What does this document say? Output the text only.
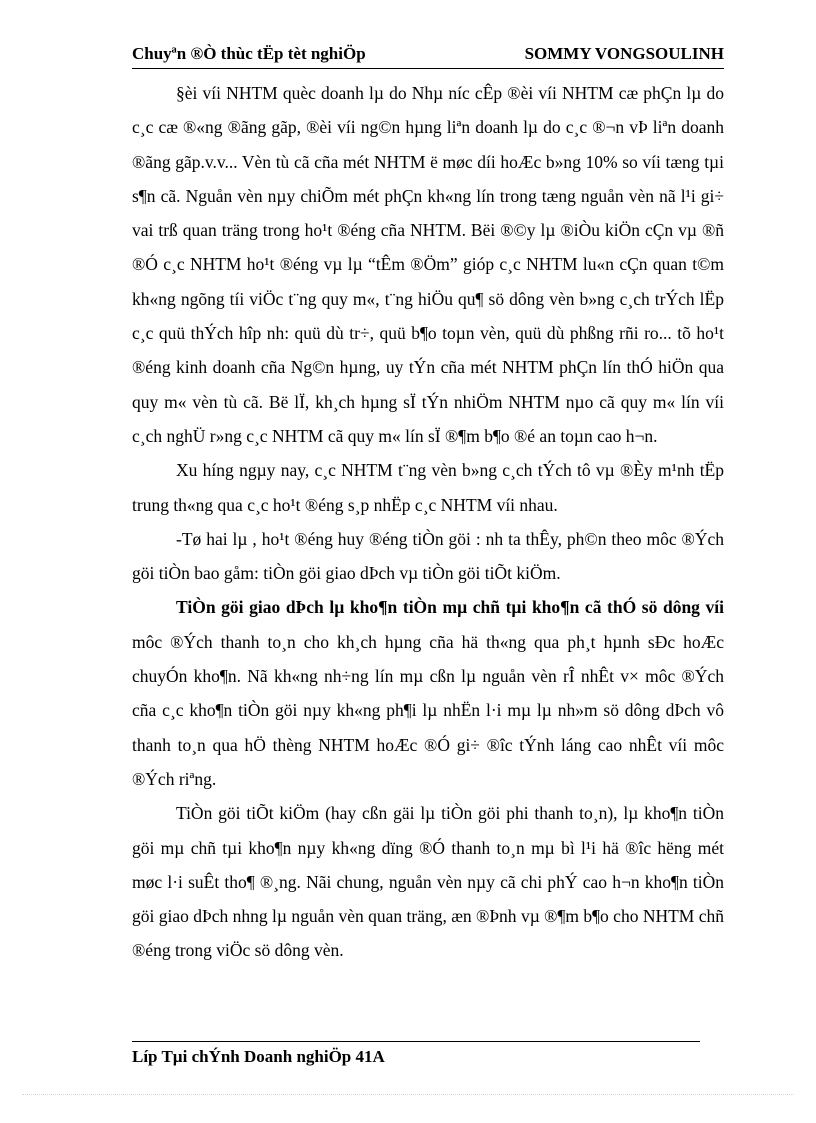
Chuyªn ®Ò thùc tËp tèt nghiÖp	SOMMY VONGSOULINH

§èi víi NHTM quèc doanh lµ do Nhµ níc cÊp ®èi víi NHTM cæ phÇn lµ do c¸c cæ ®«ng ®ãng gãp, ®èi víi ng©n hµng liªn doanh lµ do c¸c ®¬n vÞ liªn doanh ®ãng gãp.v.v... Vèn tù cã cña mét NHTM ë møc díi hoÆc b»ng 10% so víi tæng tµi s¶n cã. Nguån vèn nµy chiÕm mét phÇn kh«ng lín trong tæng nguån vèn nã l¹i gi÷ vai trß quan träng trong ho¹t ®éng cña NHTM. Bëi ®©y lµ ®iÒu kiÖn cÇn vµ ®ñ ®Ó c¸c NHTM ho¹t ®éng vµ lµ “tÊm ®Öm” gióp c¸c NHTM lu«n cÇn quan t©m kh«ng ngõng tíi viÖc t¨ng quy m«, t¨ng hiÖu qu¶ sö dông vèn b»ng c¸ch trÝch lËp c¸c quü thÝch hîp nh: quü dù tr÷, quü b¶o toµn vèn, quü dù phßng rñi ro... tõ ho¹t ®éng kinh doanh cña Ng©n hµng, uy tÝn cña mét NHTM phÇn lín thÓ hiÖn qua quy m« vèn tù cã. Bë lÏ, kh¸ch hµng sÏ tÝn nhiÖm NHTM nµo cã quy m« lín víi c¸ch nghÜ r»ng c¸c NHTM cã quy m« lín sÏ ®¶m b¶o ®é an toµn cao h¬n.

Xu híng ngµy nay, c¸c NHTM t¨ng vèn b»ng c¸ch tÝch tô vµ ®Èy m¹nh tËp trung th«ng qua c¸c ho¹t ®éng s¸p nhËp c¸c NHTM víi nhau.

-Tø hai lµ , ho¹t ®éng huy ®éng tiÒn göi : nh ta thÊy, ph©n theo môc ®Ých göi tiÒn bao gåm: tiÒn göi giao dÞch vµ tiÒn göi tiÕt kiÖm.

TiÒn göi giao dÞch lµ kho¶n tiÒn mµ chñ tµi kho¶n cã thÓ sö dông víi môc ®Ých thanh to¸n cho kh¸ch hµng cña hä th«ng qua ph¸t hµnh sÐc hoÆc chuyÓn kho¶n. Nã kh«ng nh÷ng lín mµ cßn lµ nguån vèn rÎ nhÊt v× môc ®Ých cña c¸c kho¶n tiÒn göi nµy kh«ng ph¶i lµ nhËn l·i mµ lµ nh»m sö dông dÞch vô thanh to¸n qua hÖ thèng NHTM hoÆc ®Ó gi÷ ®îc tÝnh láng cao nhÊt víi môc ®Ých riªng.

TiÒn göi tiÕt kiÖm (hay cßn gäi lµ tiÒn göi phi thanh to¸n), lµ kho¶n tiÒn göi mµ chñ tµi kho¶n nµy kh«ng dïng ®Ó thanh to¸n mµ bì l¹i hä ®îc hëng mét møc l·i suÊt tho¶ ®¸ng. Nãi chung, nguån vèn nµy cã chi phÝ cao h¬n kho¶n tiÒn göi giao dÞch nhng lµ nguån vèn quan träng, æn ®Þnh vµ ®¶m b¶o cho NHTM chñ ®éng trong viÖc sö dông vèn.

Líp Tµi chÝnh Doanh nghiÖp 41A
